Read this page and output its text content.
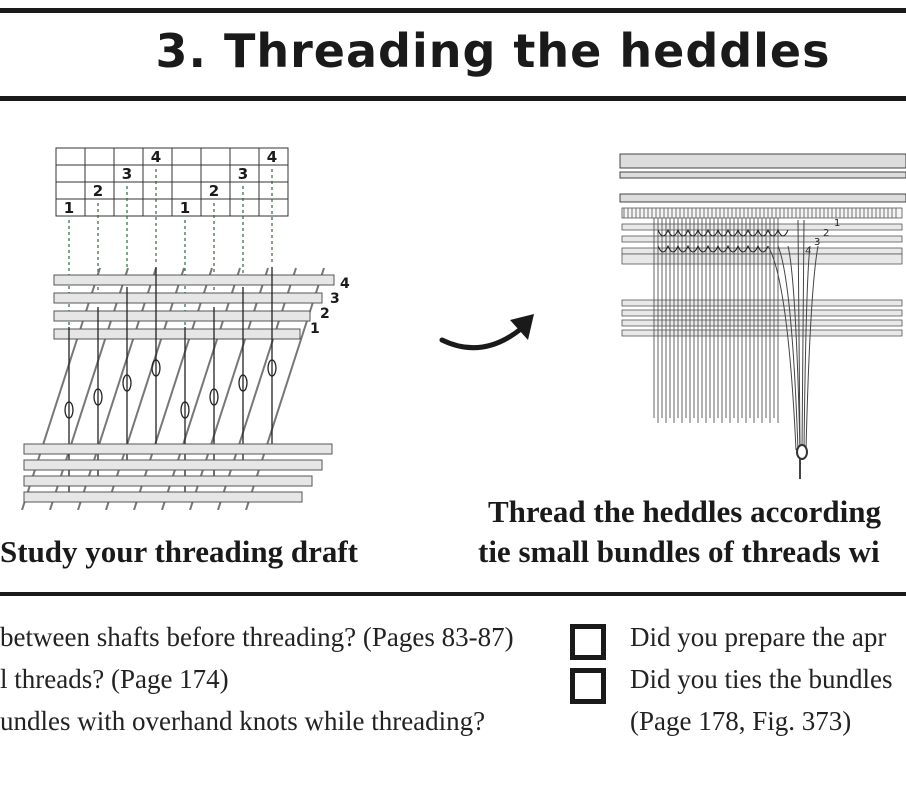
3. Threading the heddles
1
2
3
4
1
2
3
4
4
3
2
1
1
2
3
4
Study your threading draft
Thread the heddles according
tie small bundles of threads wi
between shafts before threading? (Pages 83-87)
l threads? (Page 174)
undles with overhand knots while threading?
Did you prepare the apr
Did you ties the bundles
(Page 178, Fig. 373)
